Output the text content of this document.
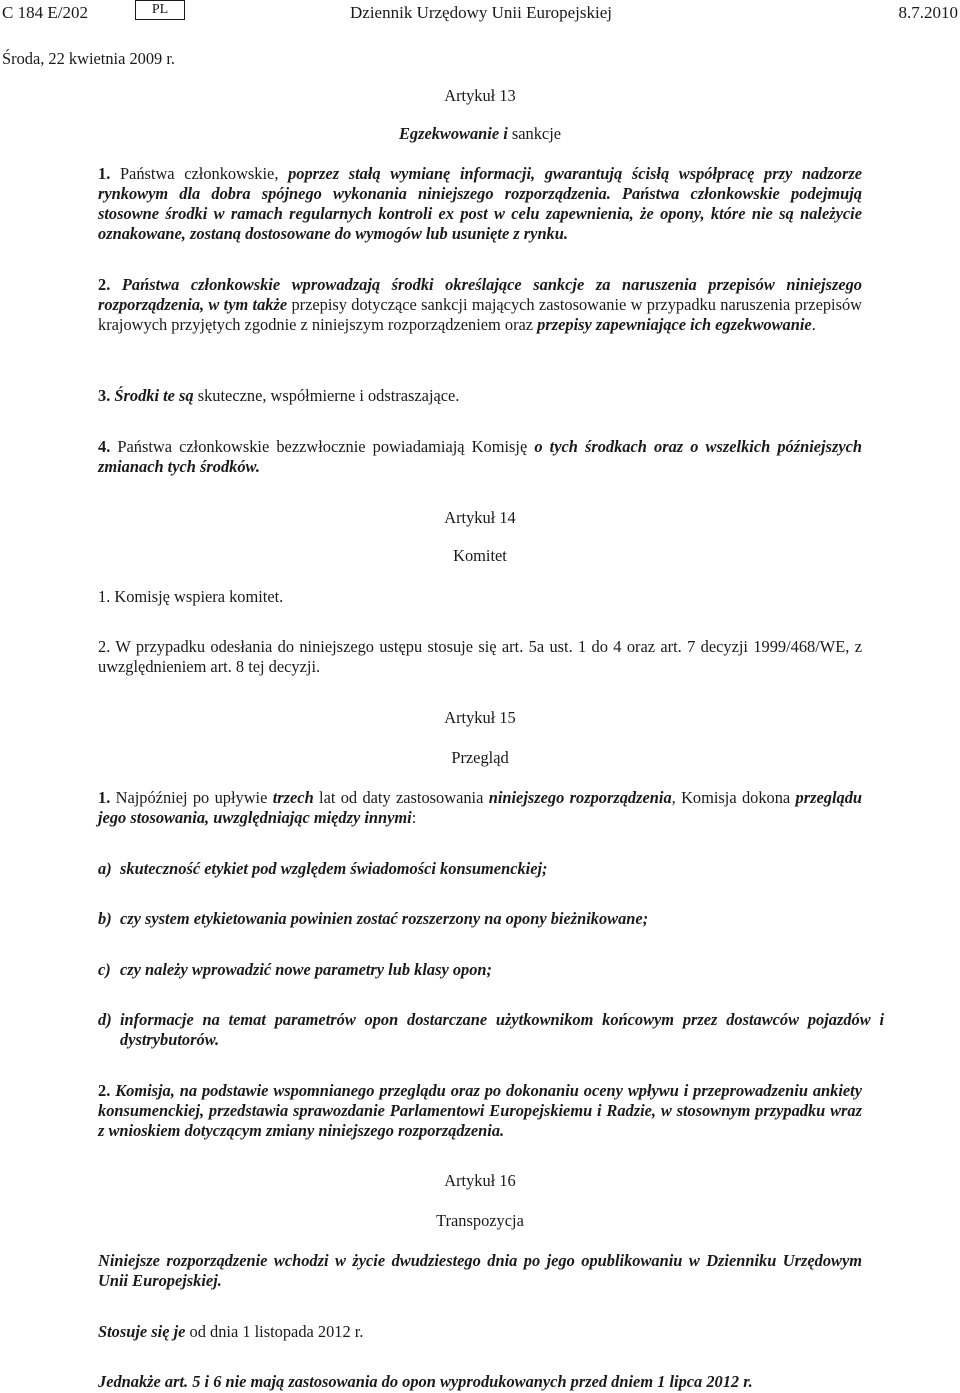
C 184 E/202	PL	Dziennik Urzędowy Unii Europejskiej	8.7.2010
Środa, 22 kwietnia 2009 r.
Artykuł 13
Egzekwowanie i sankcje

1. Państwa członkowskie, poprzez stałą wymianę informacji, gwarantują ścisłą współpracę przy nadzorze rynkowym dla dobra spójnego wykonania niniejszego rozporządzenia. Państwa członkowskie podejmują stosowne środki w ramach regularnych kontroli ex post w celu zapewnienia, że opony, które nie są należycie oznakowane, zostaną dostosowane do wymogów lub usunięte z rynku.

2. Państwa członkowskie wprowadzają środki określające sankcje za naruszenia przepisów niniejszego rozporządzenia, w tym także przepisy dotyczące sankcji mających zastosowanie w przypadku naruszenia przepisów krajowych przyjętych zgodnie z niniejszym rozporządzeniem oraz przepisy zapewniające ich egzekwowanie.

3. Środki te są skuteczne, współmierne i odstraszające.

4. Państwa członkowskie bezzwłocznie powiadamiają Komisję o tych środkach oraz o wszelkich późniejszych zmianach tych środków.

Artykuł 14
Komitet
1. Komisję wspiera komitet.
2. W przypadku odesłania do niniejszego ustępu stosuje się art. 5a ust. 1 do 4 oraz art. 7 decyzji 1999/468/WE, z uwzględnieniem art. 8 tej decyzji.
Artykuł 15
Przegląd

1. Najpóźniej po upływie trzech lat od daty zastosowania niniejszego rozporządzenia, Komisja dokona przeglądu jego stosowania, uwzględniając między innymi:

a) skuteczność etykiet pod względem świadomości konsumenckiej;
b) czy system etykietowania powinien zostać rozszerzony na opony bieżnikowane;
c) czy należy wprowadzić nowe parametry lub klasy opon;
d) informacje na temat parametrów opon dostarczane użytkownikom końcowym przez dostawców pojazdów i dystrybutorów.

2. Komisja, na podstawie wspomnianego przeglądu oraz po dokonaniu oceny wpływu i przeprowadzeniu ankiety konsumenckiej, przedstawia sprawozdanie Parlamentowi Europejskiemu i Radzie, w stosownym przypadku wraz z wnioskiem dotyczącym zmiany niniejszego rozporządzenia.

Artykuł 16
Transpozycja
Niniejsze rozporządzenie wchodzi w życie dwudziestego dnia po jego opublikowaniu w Dzienniku Urzędowym Unii Europejskiej.
Stosuje się je od dnia 1 listopada 2012 r.
Jednakże art. 5 i 6 nie mają zastosowania do opon wyprodukowanych przed dniem 1 lipca 2012 r.
